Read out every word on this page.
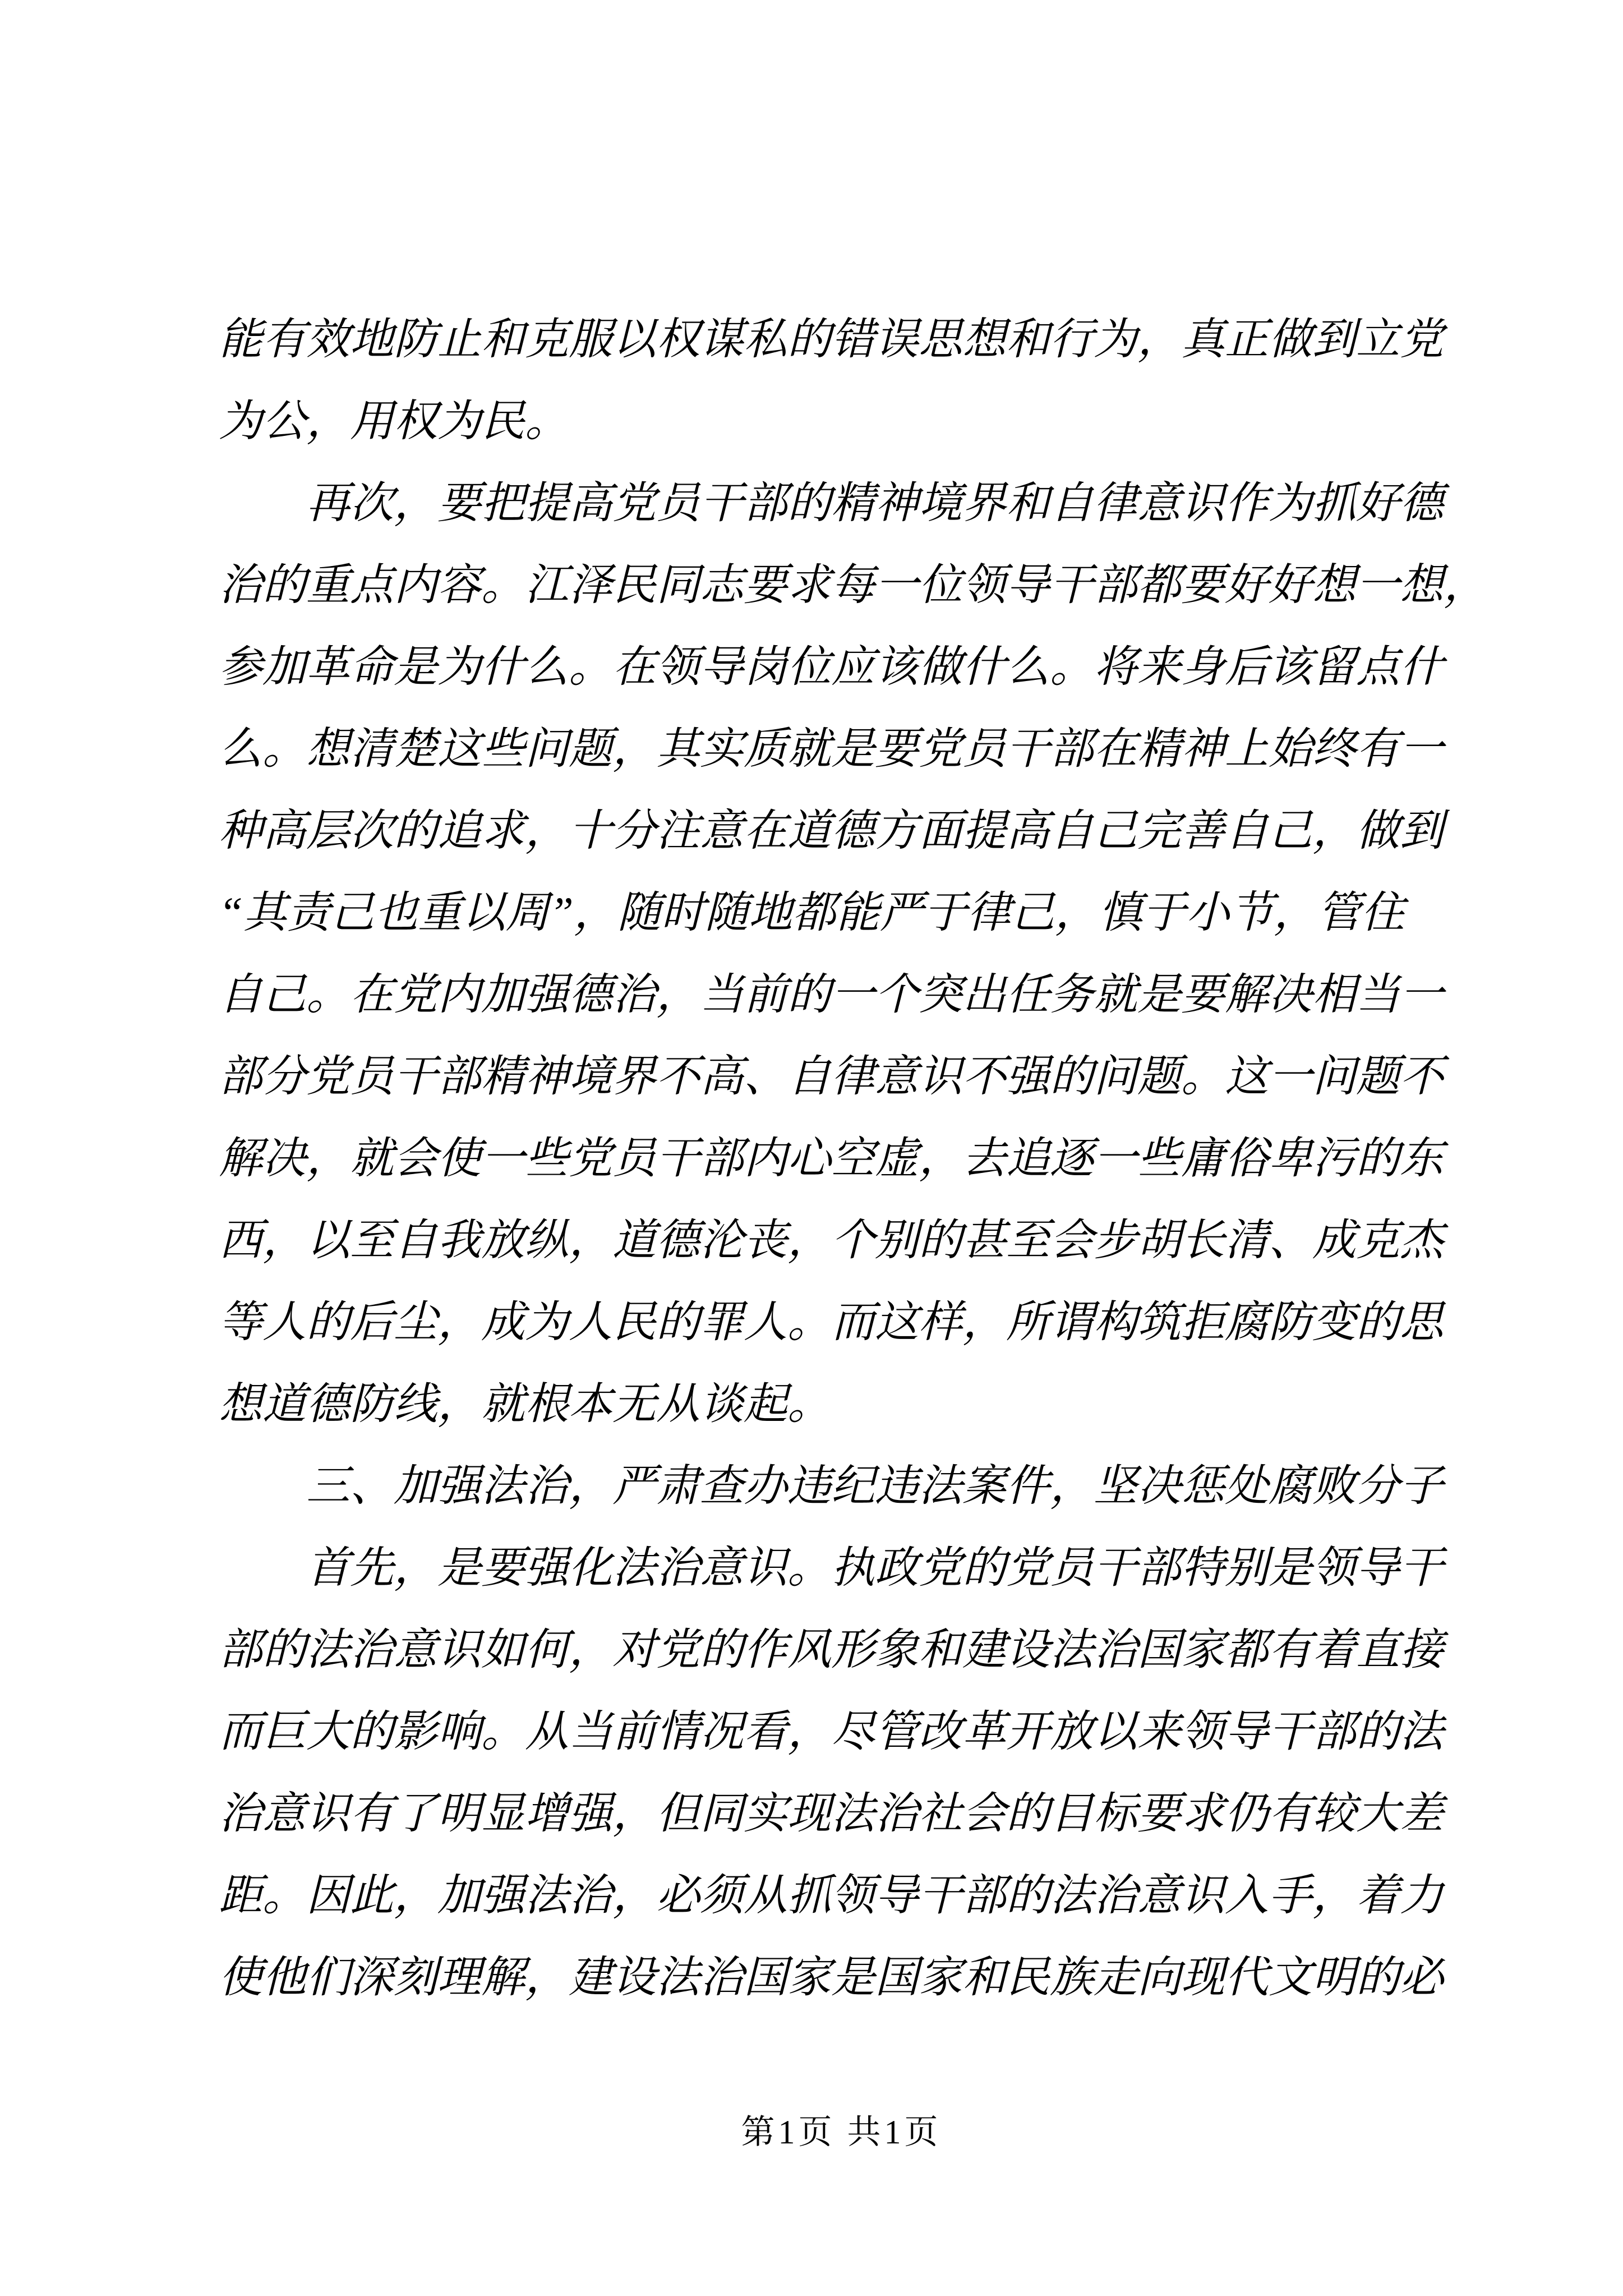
能有效地防止和克服以权谋私的错误思想和行为，真正做到立党
为公，用权为民。
　　再次，要把提高党员干部的精神境界和自律意识作为抓好德
治的重点内容。江泽民同志要求每一位领导干部都要好好想一想，
参加革命是为什么。在领导岗位应该做什么。将来身后该留点什
么。想清楚这些问题，其实质就是要党员干部在精神上始终有一
种高层次的追求，十分注意在道德方面提高自己完善自己，做到
“其责己也重以周”，随时随地都能严于律己，慎于小节，管住
自己。在党内加强德治，当前的一个突出任务就是要解决相当一
部分党员干部精神境界不高、自律意识不强的问题。这一问题不
解决，就会使一些党员干部内心空虚，去追逐一些庸俗卑污的东
西，以至自我放纵，道德沦丧，个别的甚至会步胡长清、成克杰
等人的后尘，成为人民的罪人。而这样，所谓构筑拒腐防变的思
想道德防线，就根本无从谈起。
　　三、加强法治，严肃查办违纪违法案件，坚决惩处腐败分子
　　首先，是要强化法治意识。执政党的党员干部特别是领导干
部的法治意识如何，对党的作风形象和建设法治国家都有着直接
而巨大的影响。从当前情况看，尽管改革开放以来领导干部的法
治意识有了明显增强，但同实现法治社会的目标要求仍有较大差
距。因此，加强法治，必须从抓领导干部的法治意识入手，着力
使他们深刻理解，建设法治国家是国家和民族走向现代文明的必
第1页 共1页
